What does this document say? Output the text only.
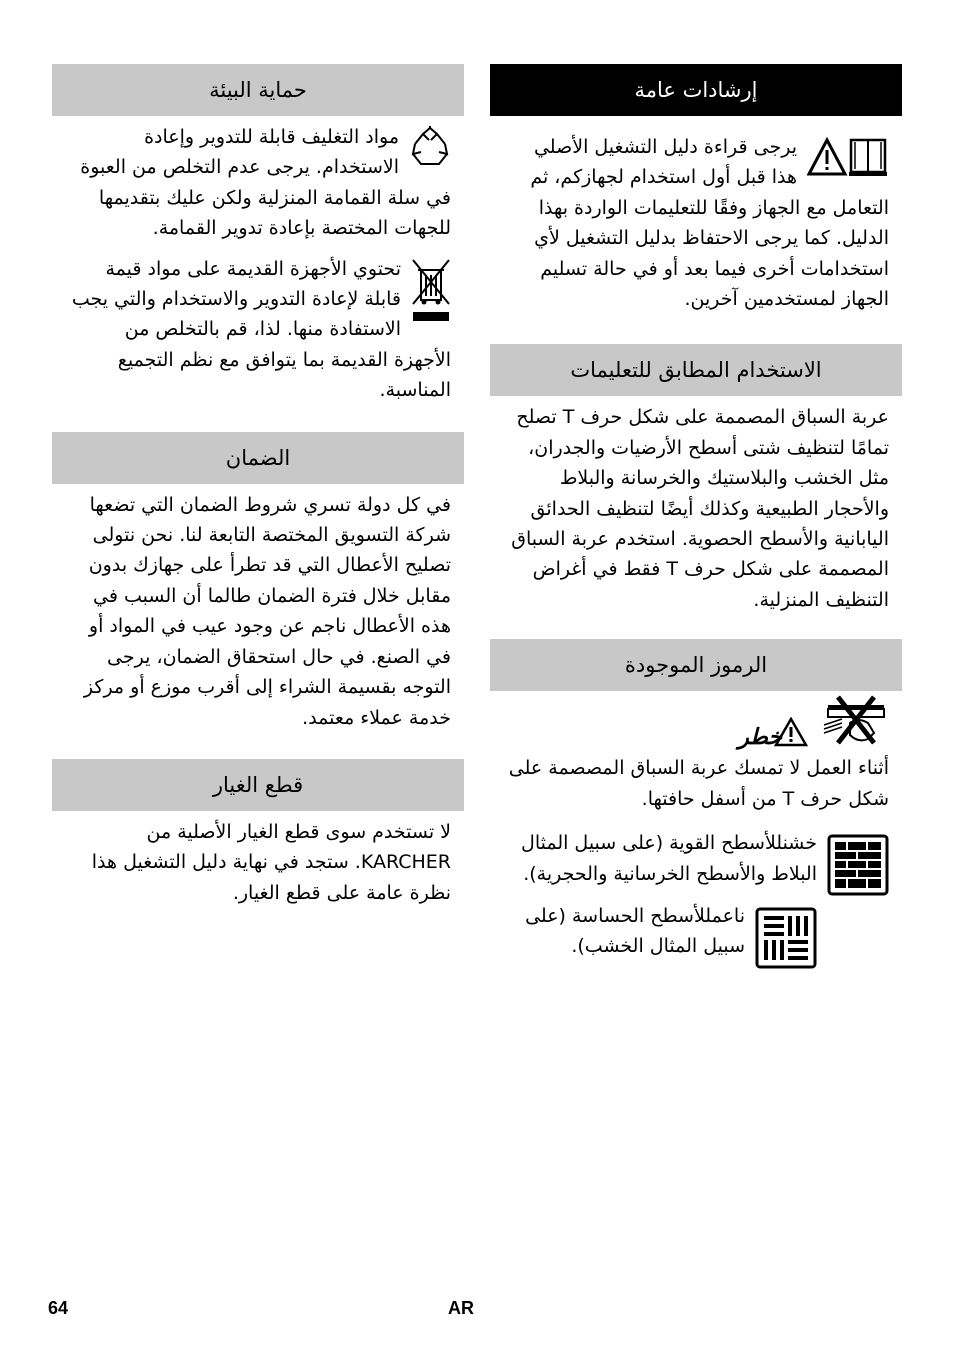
إرشادات عامة

يرجى قراءة دليل التشغيل الأصلي هذا قبل أول استخدام لجهازكم، ثم التعامل مع الجهاز وفقًا للتعليمات الواردة بهذا الدليل. كما يرجى الاحتفاظ بدليل التشغيل لأي استخدامات أخرى فيما بعد أو في حالة تسليم الجهاز لمستخدمين آخرين.

الاستخدام المطابق للتعليمات

عربة السباق المصممة على شكل حرف T تصلح تمامًا لتنظيف شتى أسطح الأرضيات والجدران، مثل الخشب والبلاستيك والخرسانة والبلاط والأحجار الطبيعية وكذلك أيضًا لتنظيف الحدائق اليابانية والأسطح الحصوية. استخدم عربة السباق المصممة على شكل حرف T فقط في أغراض التنظيف المنزلية.

الرموز الموجودة
خطر

أثناء العمل لا تمسك عربة السباق المصصمة على شكل حرف T من أسفل حافتها.

خشنللأسطح القوية (على سبيل المثال البلاط والأسطح الخرسانية والحجرية).

ناعمللأسطح الحساسة (على سبيل المثال الخشب).

حماية البيئة

مواد التغليف قابلة للتدوير وإعادة الاستخدام. يرجى عدم التخلص من العبوة في سلة القمامة المنزلية ولكن عليك بتقديمها للجهات المختصة بإعادة تدوير القمامة.

تحتوي الأجهزة القديمة على مواد قيمة قابلة لإعادة التدوير والاستخدام والتي يجب الاستفادة منها. لذا، قم بالتخلص من الأجهزة القديمة بما يتوافق مع نظم التجميع المناسبة.

الضمان

في كل دولة تسري شروط الضمان التي تضعها شركة التسويق المختصة التابعة لنا. نحن نتولى تصليح الأعطال التي قد تطرأ على جهازك بدون مقابل خلال فترة الضمان طالما أن السبب في هذه الأعطال ناجم عن وجود عيب في المواد أو في الصنع. في حال استحقاق الضمان، يرجى التوجه بقسيمة الشراء إلى أقرب موزع أو مركز خدمة عملاء معتمد.

قطع الغيار

لا تستخدم سوى قطع الغيار الأصلية من KARCHER. ستجد في نهاية دليل التشغيل هذا نظرة عامة على قطع الغيار.

64	AR
